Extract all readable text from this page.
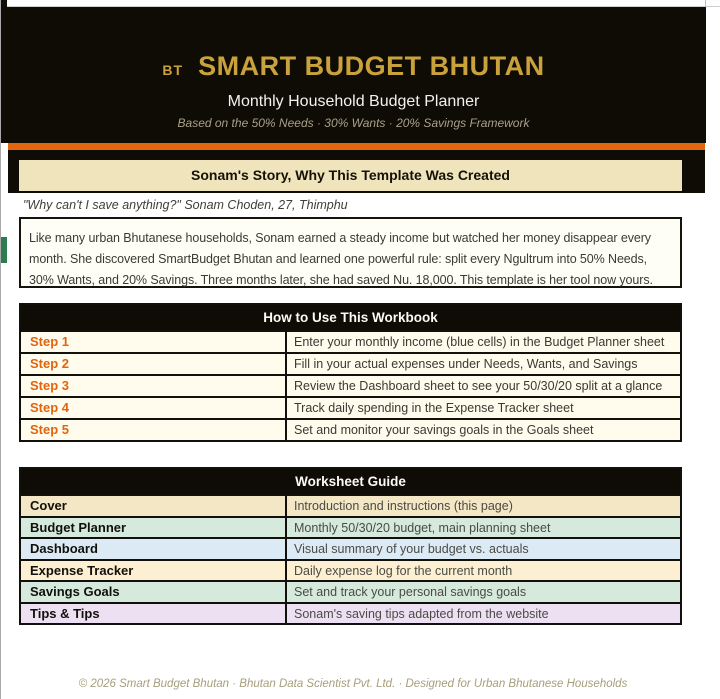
BT SMART BUDGET BHUTAN
Monthly Household Budget Planner
Based on the 50% Needs · 30% Wants · 20% Savings Framework
Sonam's Story, Why This Template Was Created
"Why can't I save anything?" Sonam Choden, 27, Thimphu
Like many urban Bhutanese households, Sonam earned a steady income but watched her money disappear every month. She discovered SmartBudget Bhutan and learned one powerful rule: split every Ngultrum into 50% Needs, 30% Wants, and 20% Savings. Three months later, she had saved Nu. 18,000. This template is her tool now yours.
How to Use This Workbook
Step 1	Enter your monthly income (blue cells) in the Budget Planner sheet
Step 2	Fill in your actual expenses under Needs, Wants, and Savings
Step 3	Review the Dashboard sheet to see your 50/30/20 split at a glance
Step 4	Track daily spending in the Expense Tracker sheet
Step 5	Set and monitor your savings goals in the Goals sheet
Worksheet Guide
Cover	Introduction and instructions (this page)
Budget Planner	Monthly 50/30/20 budget, main planning sheet
Dashboard	Visual summary of your budget vs. actuals
Expense Tracker	Daily expense log for the current month
Savings Goals	Set and track your personal savings goals
Tips & Tips	Sonam's saving tips adapted from the website
© 2026 Smart Budget Bhutan · Bhutan Data Scientist Pvt. Ltd. · Designed for Urban Bhutanese Households
